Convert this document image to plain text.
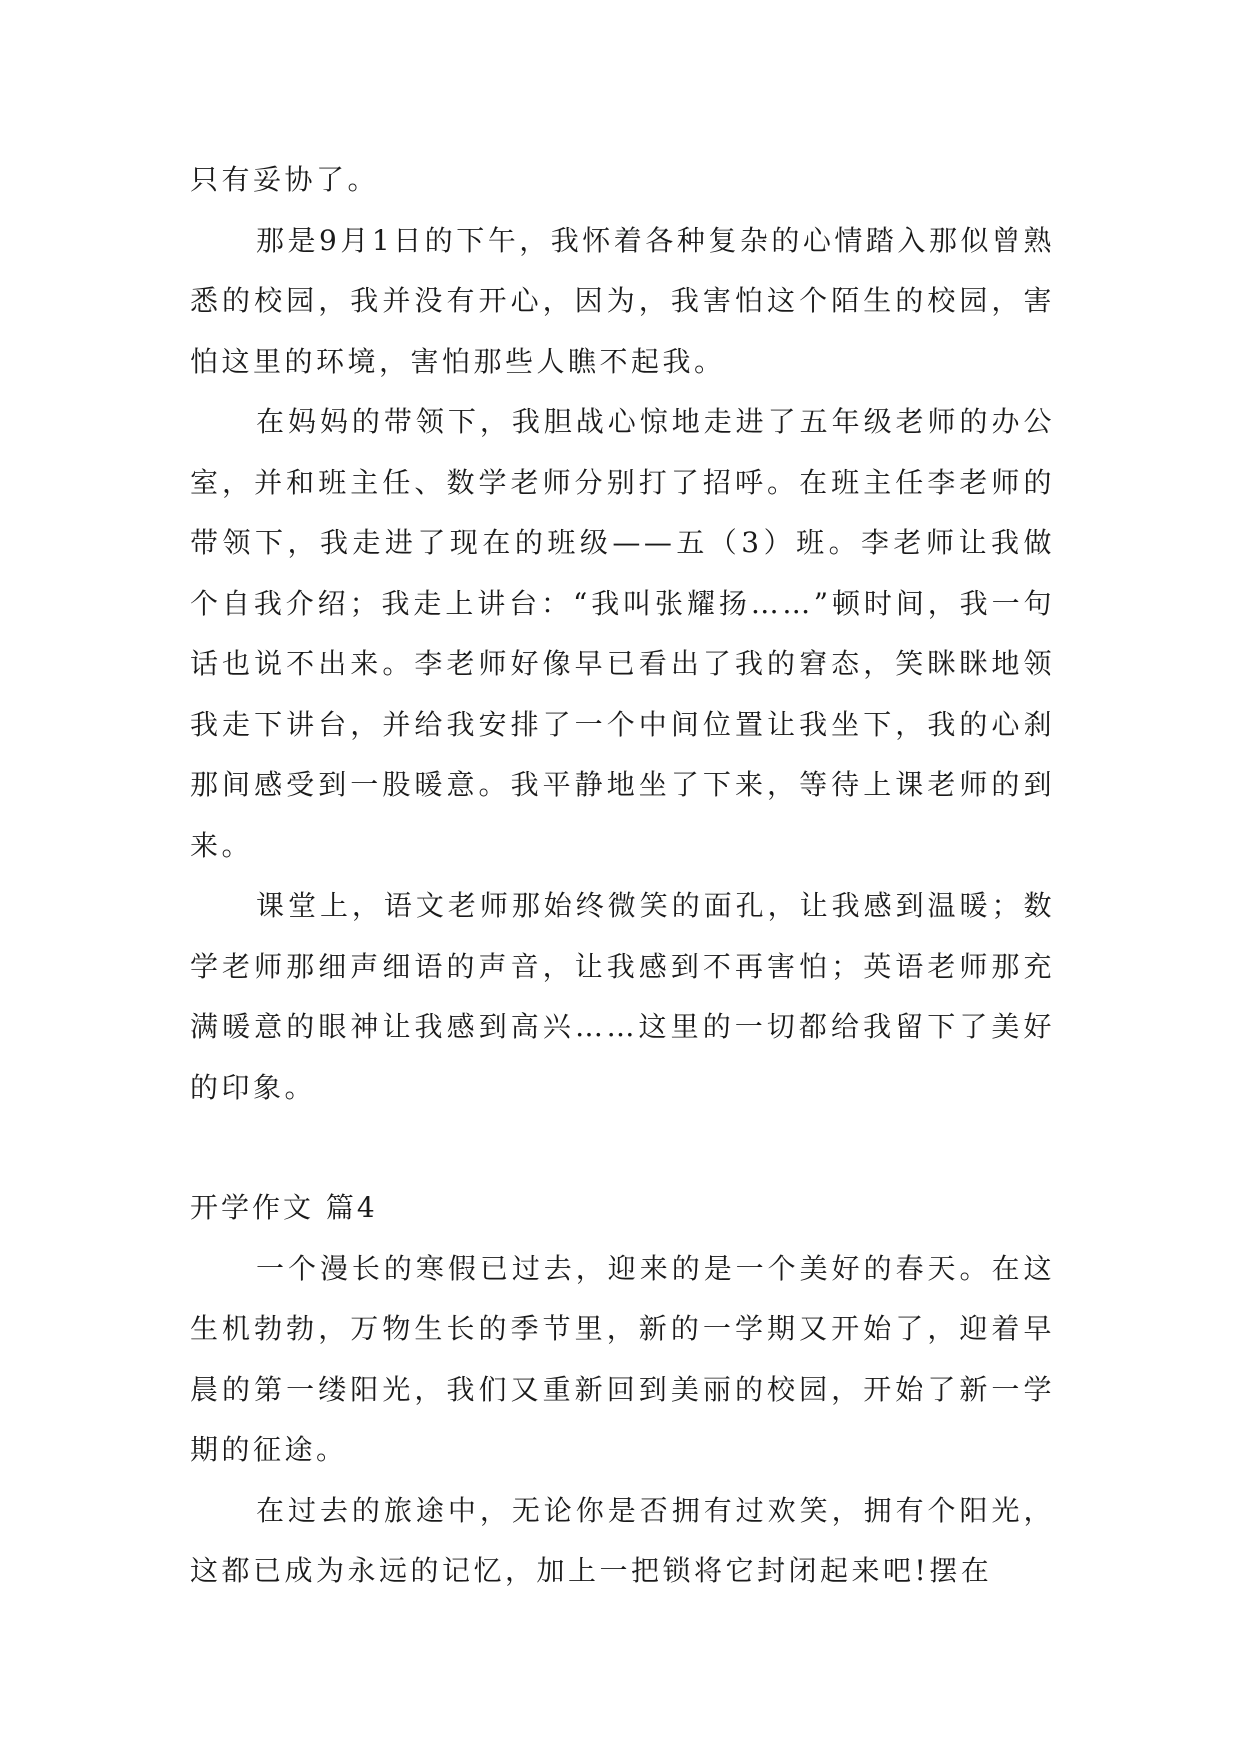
只有妥协了。

那是9月1日的下午，我怀着各种复杂的心情踏入那似曾熟悉的校园，我并没有开心，因为，我害怕这个陌生的校园，害怕这里的环境，害怕那些人瞧不起我。

在妈妈的带领下，我胆战心惊地走进了五年级老师的办公室，并和班主任、数学老师分别打了招呼。在班主任李老师的带领下，我走进了现在的班级——五（3）班。李老师让我做个自我介绍；我走上讲台：“我叫张耀扬……”顿时间，我一句话也说不出来。李老师好像早已看出了我的窘态，笑眯眯地领我走下讲台，并给我安排了一个中间位置让我坐下，我的心刹那间感受到一股暖意。我平静地坐了下来，等待上课老师的到来。

课堂上，语文老师那始终微笑的面孔，让我感到温暖；数学老师那细声细语的声音，让我感到不再害怕；英语老师那充满暖意的眼神让我感到高兴……这里的一切都给我留下了美好的印象。

开学作文 篇4

一个漫长的寒假已过去，迎来的是一个美好的春天。在这生机勃勃，万物生长的季节里，新的一学期又开始了，迎着早晨的第一缕阳光，我们又重新回到美丽的校园，开始了新一学期的征途。

在过去的旅途中，无论你是否拥有过欢笑，拥有个阳光，这都已成为永远的记忆，加上一把锁将它封闭起来吧!摆在
